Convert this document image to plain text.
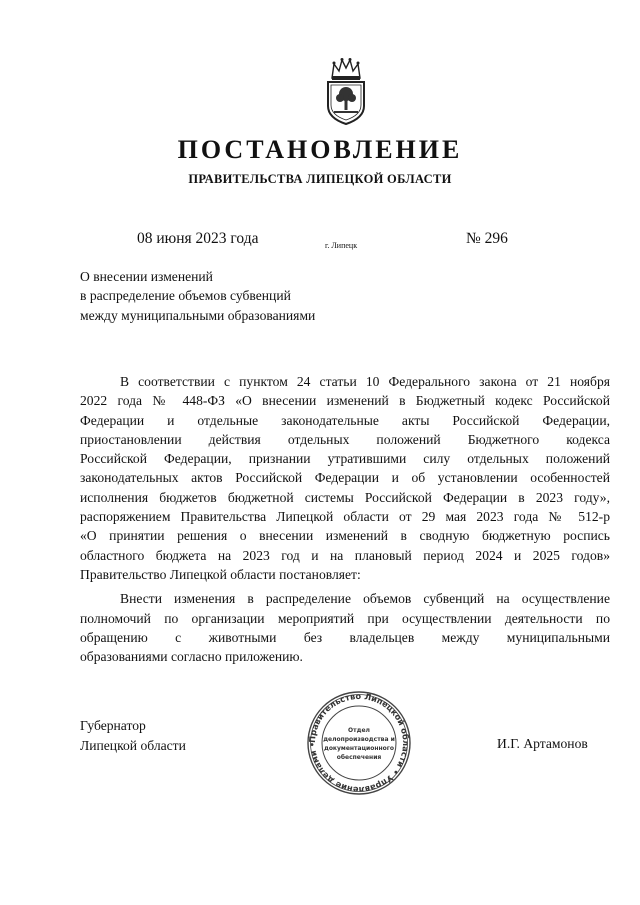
ПОСТАНОВЛЕНИЕ
ПРАВИТЕЛЬСТВА ЛИПЕЦКОЙ ОБЛАСТИ
08 июня 2023 года	г. Липецк	№ 296
О внесении изменений
в распределение объемов субвенций
между муниципальными образованиями
В соответствии с пунктом 24 статьи 10 Федерального закона от 21 ноября
2022 года № 448-ФЗ «О внесении изменений в Бюджетный кодекс Российской
Федерации и отдельные законодательные акты Российской Федерации,
приостановлении действия отдельных положений Бюджетного кодекса
Российской Федерации, признании утратившими силу отдельных положений
законодательных актов Российской Федерации и об установлении особенностей
исполнения бюджетов бюджетной системы Российской Федерации в 2023 году»,
распоряжением Правительства Липецкой области от 29 мая 2023 года № 512-р
«О принятии решения о внесении изменений в сводную бюджетную роспись
областного бюджета на 2023 год и на плановый период 2024 и 2025 годов»
Правительство Липецкой области постановляет:
Внести изменения в распределение объемов субвенций на осуществление
полномочий по организации мероприятий при осуществлении деятельности по
обращению с животными без владельцев между муниципальными
образованиями согласно приложению.
Губернатор
Липецкой области	И.Г. Артамонов
Правительство Липецкой области • Управление делами •
Отдел
делопроизводства и
документационного
обеспечения
